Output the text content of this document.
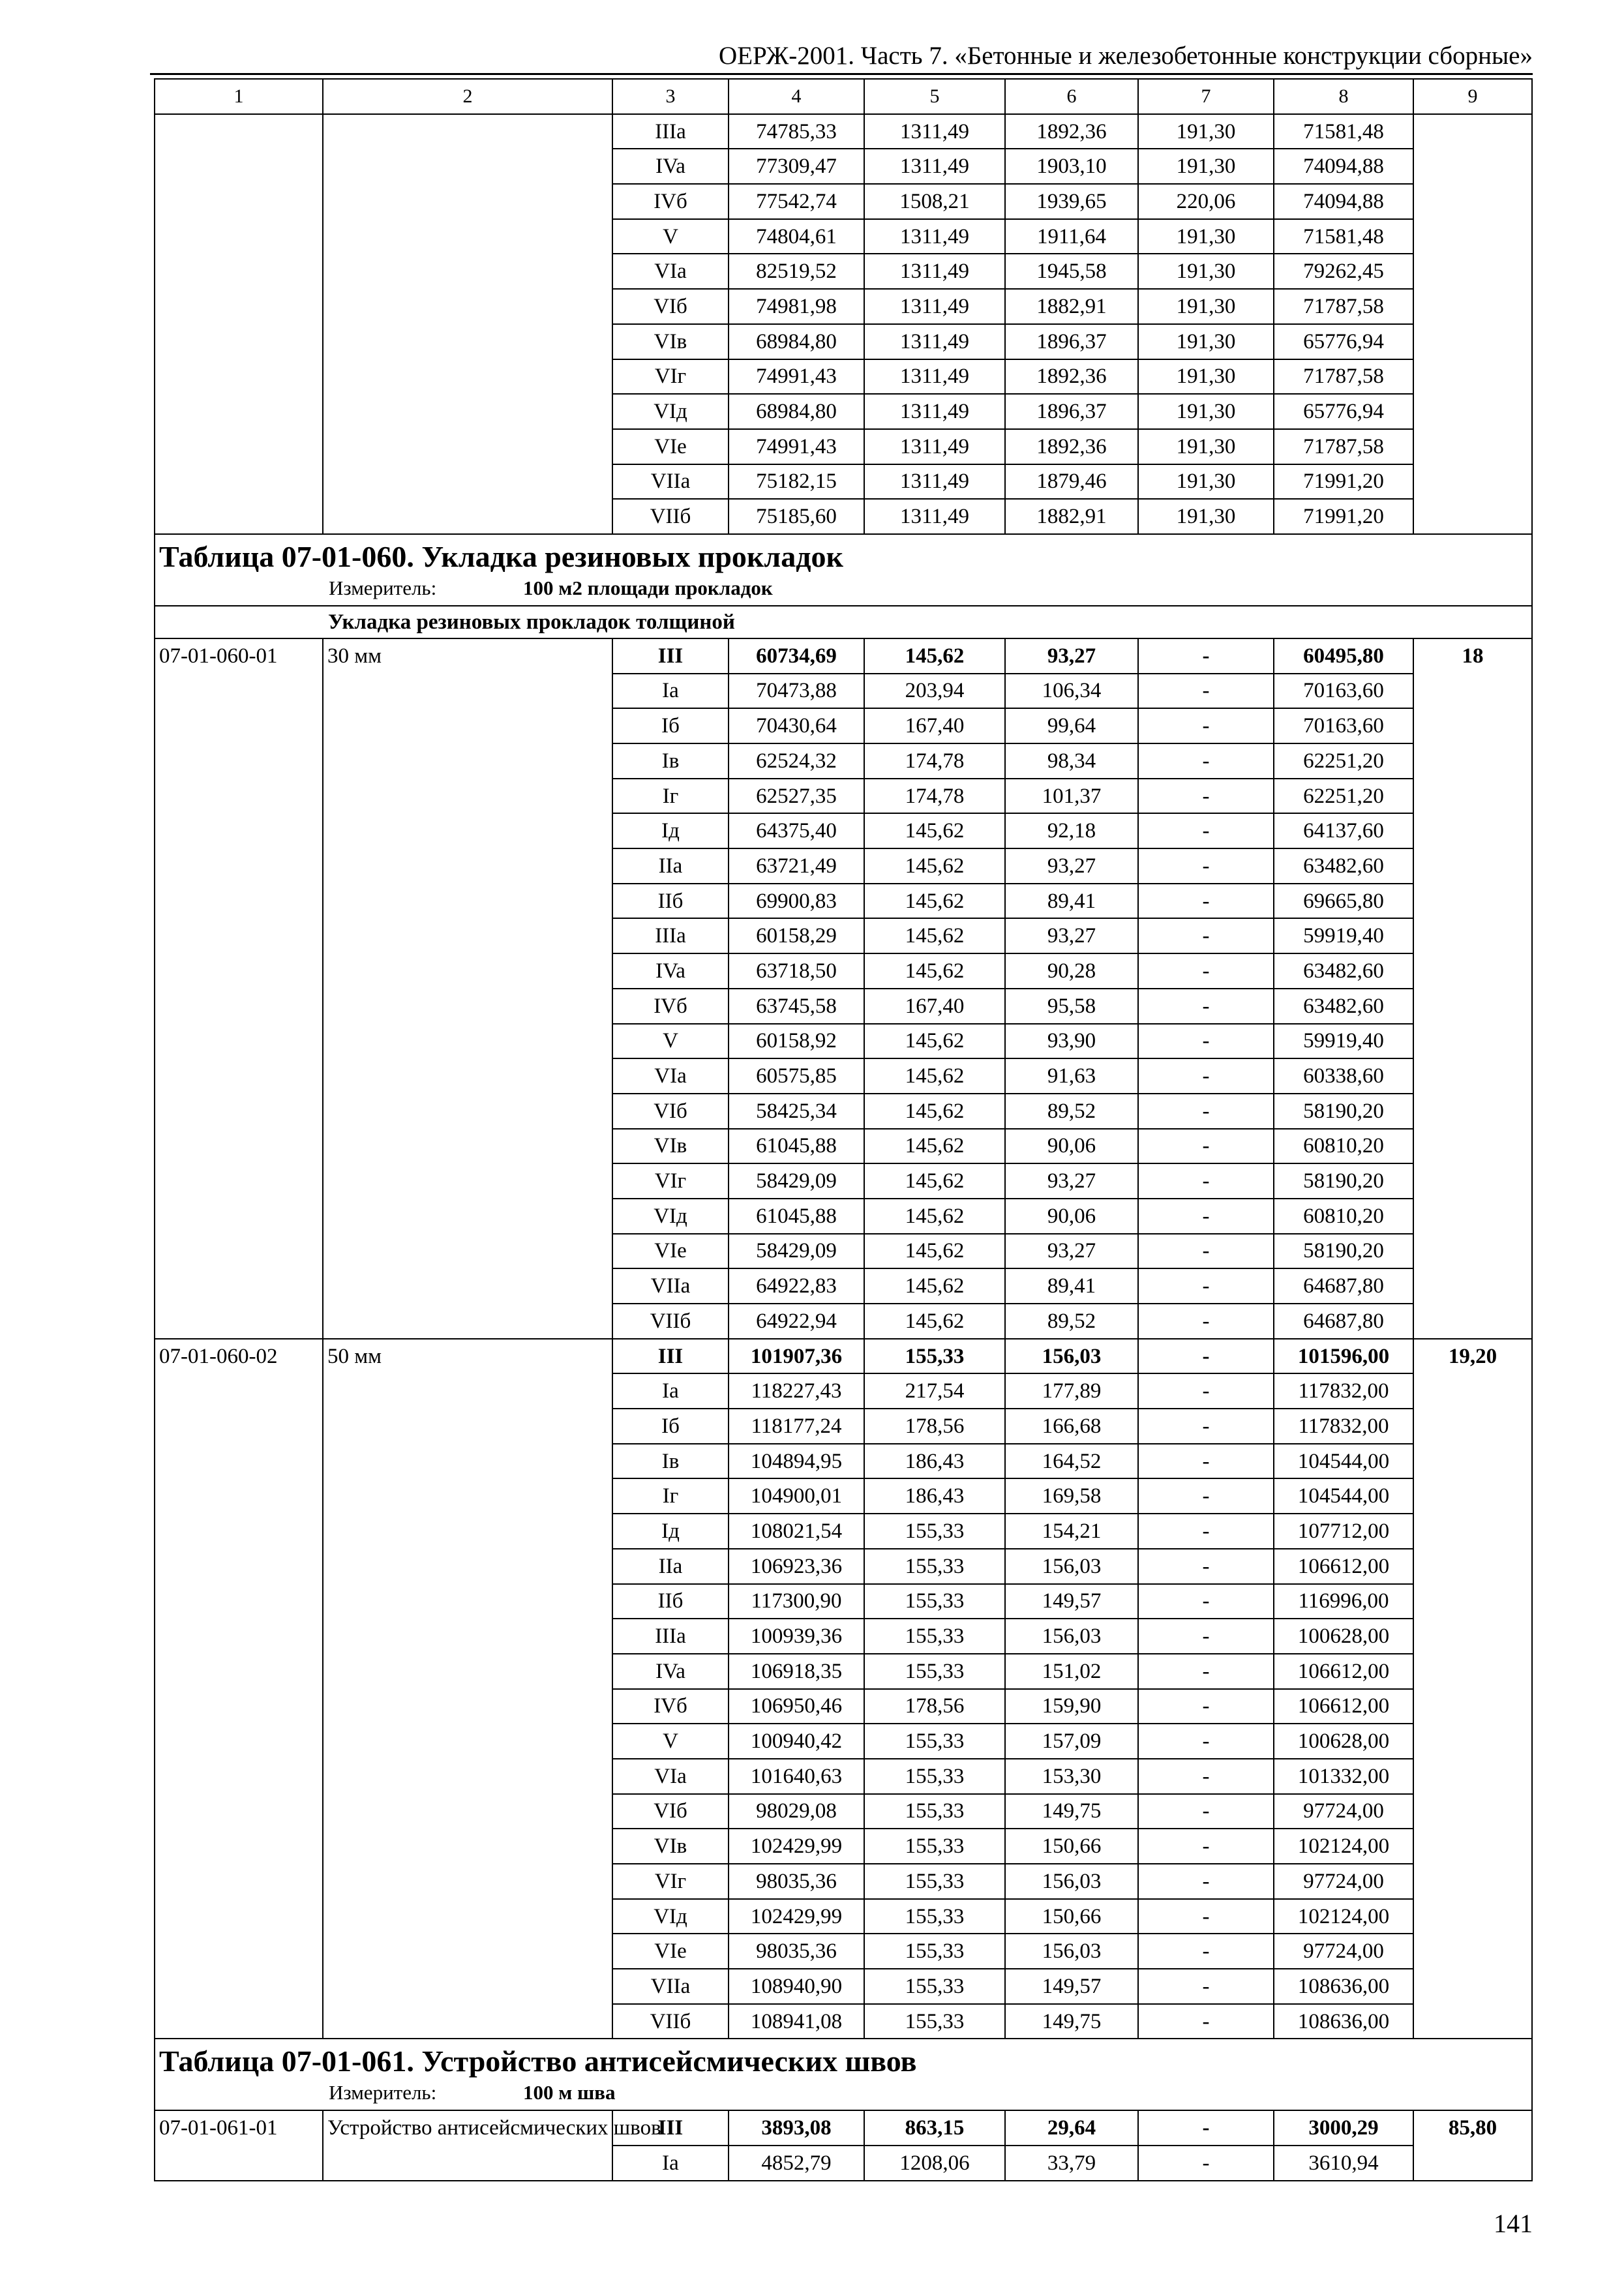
ОЕРЖ-2001. Часть 7. «Бетонные и железобетонные конструкции сборные»
1	2	3	4	5	6	7	8	9
		IIIa	74785,33	1311,49	1892,36	191,30	71581,48	
		IVa	77309,47	1311,49	1903,10	191,30	74094,88	
		IVб	77542,74	1508,21	1939,65	220,06	74094,88	
		V	74804,61	1311,49	1911,64	191,30	71581,48	
		VIa	82519,52	1311,49	1945,58	191,30	79262,45	
		VIб	74981,98	1311,49	1882,91	191,30	71787,58	
		VIв	68984,80	1311,49	1896,37	191,30	65776,94	
		VIг	74991,43	1311,49	1892,36	191,30	71787,58	
		VIд	68984,80	1311,49	1896,37	191,30	65776,94	
		VIe	74991,43	1311,49	1892,36	191,30	71787,58	
		VIIa	75182,15	1311,49	1879,46	191,30	71991,20	
		VIIб	75185,60	1311,49	1882,91	191,30	71991,20	
Таблица 07-01-060. Укладка резиновых прокладок								
Измеритель: 100 м2 площади прокладок								
Укладка резиновых прокладок толщиной								
07-01-060-01	30 мм	III	60734,69	145,62	93,27	-	60495,80	18
		Ia	70473,88	203,94	106,34	-	70163,60	
		Iб	70430,64	167,40	99,64	-	70163,60	
		Iв	62524,32	174,78	98,34	-	62251,20	
		Iг	62527,35	174,78	101,37	-	62251,20	
		Iд	64375,40	145,62	92,18	-	64137,60	
		IIa	63721,49	145,62	93,27	-	63482,60	
		IIб	69900,83	145,62	89,41	-	69665,80	
		IIIa	60158,29	145,62	93,27	-	59919,40	
		IVa	63718,50	145,62	90,28	-	63482,60	
		IVб	63745,58	167,40	95,58	-	63482,60	
		V	60158,92	145,62	93,90	-	59919,40	
		VIa	60575,85	145,62	91,63	-	60338,60	
		VIб	58425,34	145,62	89,52	-	58190,20	
		VIв	61045,88	145,62	90,06	-	60810,20	
		VIг	58429,09	145,62	93,27	-	58190,20	
		VIд	61045,88	145,62	90,06	-	60810,20	
		VIe	58429,09	145,62	93,27	-	58190,20	
		VIIa	64922,83	145,62	89,41	-	64687,80	
		VIIб	64922,94	145,62	89,52	-	64687,80	
07-01-060-02	50 мм	III	101907,36	155,33	156,03	-	101596,00	19,20
		Ia	118227,43	217,54	177,89	-	117832,00	
		Iб	118177,24	178,56	166,68	-	117832,00	
		Iв	104894,95	186,43	164,52	-	104544,00	
		Iг	104900,01	186,43	169,58	-	104544,00	
		Iд	108021,54	155,33	154,21	-	107712,00	
		IIa	106923,36	155,33	156,03	-	106612,00	
		IIб	117300,90	155,33	149,57	-	116996,00	
		IIIa	100939,36	155,33	156,03	-	100628,00	
		IVa	106918,35	155,33	151,02	-	106612,00	
		IVб	106950,46	178,56	159,90	-	106612,00	
		V	100940,42	155,33	157,09	-	100628,00	
		VIa	101640,63	155,33	153,30	-	101332,00	
		VIб	98029,08	155,33	149,75	-	97724,00	
		VIв	102429,99	155,33	150,66	-	102124,00	
		VIг	98035,36	155,33	156,03	-	97724,00	
		VIд	102429,99	155,33	150,66	-	102124,00	
		VIe	98035,36	155,33	156,03	-	97724,00	
		VIIa	108940,90	155,33	149,57	-	108636,00	
		VIIб	108941,08	155,33	149,75	-	108636,00	
Таблица 07-01-061. Устройство антисейсмических швов								
Измеритель: 100 м шва								
07-01-061-01	Устройство антисейсмических швов	III	3893,08	863,15	29,64	-	3000,29	85,80
		Ia	4852,79	1208,06	33,79	-	3610,94	
141
